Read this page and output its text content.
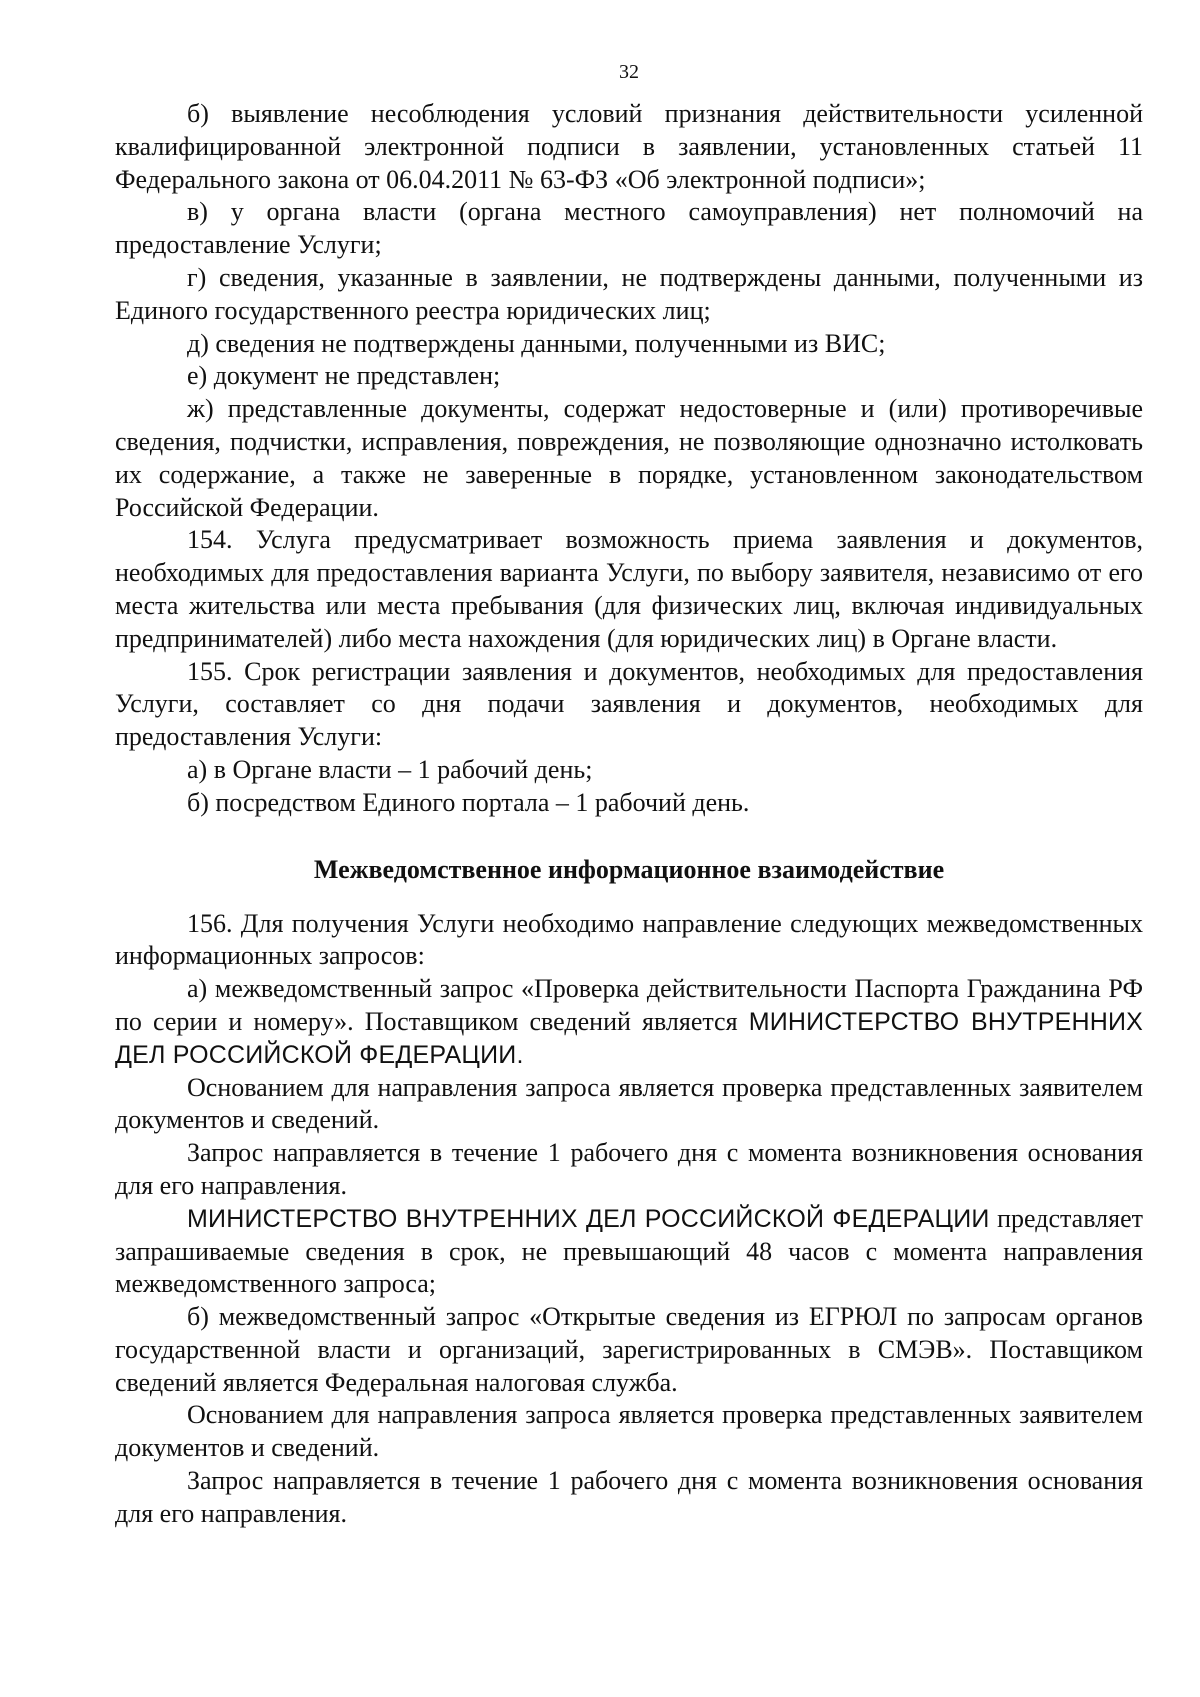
32

б) выявление несоблюдения условий признания действительности усиленной квалифицированной электронной подписи в заявлении, установленных статьей 11 Федерального закона от 06.04.2011 № 63-ФЗ «Об электронной подписи»;

в) у органа власти (органа местного самоуправления) нет полномочий на предоставление Услуги;

г) сведения, указанные в заявлении, не подтверждены данными, полученными из Единого государственного реестра юридических лиц;

д) сведения не подтверждены данными, полученными из ВИС;

е) документ не представлен;

ж) представленные документы, содержат недостоверные и (или) противоречивые сведения, подчистки, исправления, повреждения, не позволяющие однозначно истолковать их содержание, а также не заверенные в порядке, установленном законодательством Российской Федерации.

154. Услуга предусматривает возможность приема заявления и документов, необходимых для предоставления варианта Услуги, по выбору заявителя, независимо от его места жительства или места пребывания (для физических лиц, включая индивидуальных предпринимателей) либо места нахождения (для юридических лиц) в Органе власти.

155. Срок регистрации заявления и документов, необходимых для предоставления Услуги, составляет со дня подачи заявления и документов, необходимых для предоставления Услуги:

а) в Органе власти – 1 рабочий день;

б) посредством Единого портала – 1 рабочий день.

Межведомственное информационное взаимодействие

156. Для получения Услуги необходимо направление следующих межведомственных информационных запросов:

а) межведомственный запрос «Проверка действительности Паспорта Гражданина РФ по серии и номеру». Поставщиком сведений является МИНИСТЕРСТВО ВНУТРЕННИХ ДЕЛ РОССИЙСКОЙ ФЕДЕРАЦИИ.

Основанием для направления запроса является проверка представленных заявителем документов и сведений.

Запрос направляется в течение 1 рабочего дня с момента возникновения основания для его направления.

МИНИСТЕРСТВО ВНУТРЕННИХ ДЕЛ РОССИЙСКОЙ ФЕДЕРАЦИИ представляет запрашиваемые сведения в срок, не превышающий 48 часов с момента направления межведомственного запроса;

б) межведомственный запрос «Открытые сведения из ЕГРЮЛ по запросам органов государственной власти и организаций, зарегистрированных в СМЭВ». Поставщиком сведений является Федеральная налоговая служба.

Основанием для направления запроса является проверка представленных заявителем документов и сведений.

Запрос направляется в течение 1 рабочего дня с момента возникновения основания для его направления.
